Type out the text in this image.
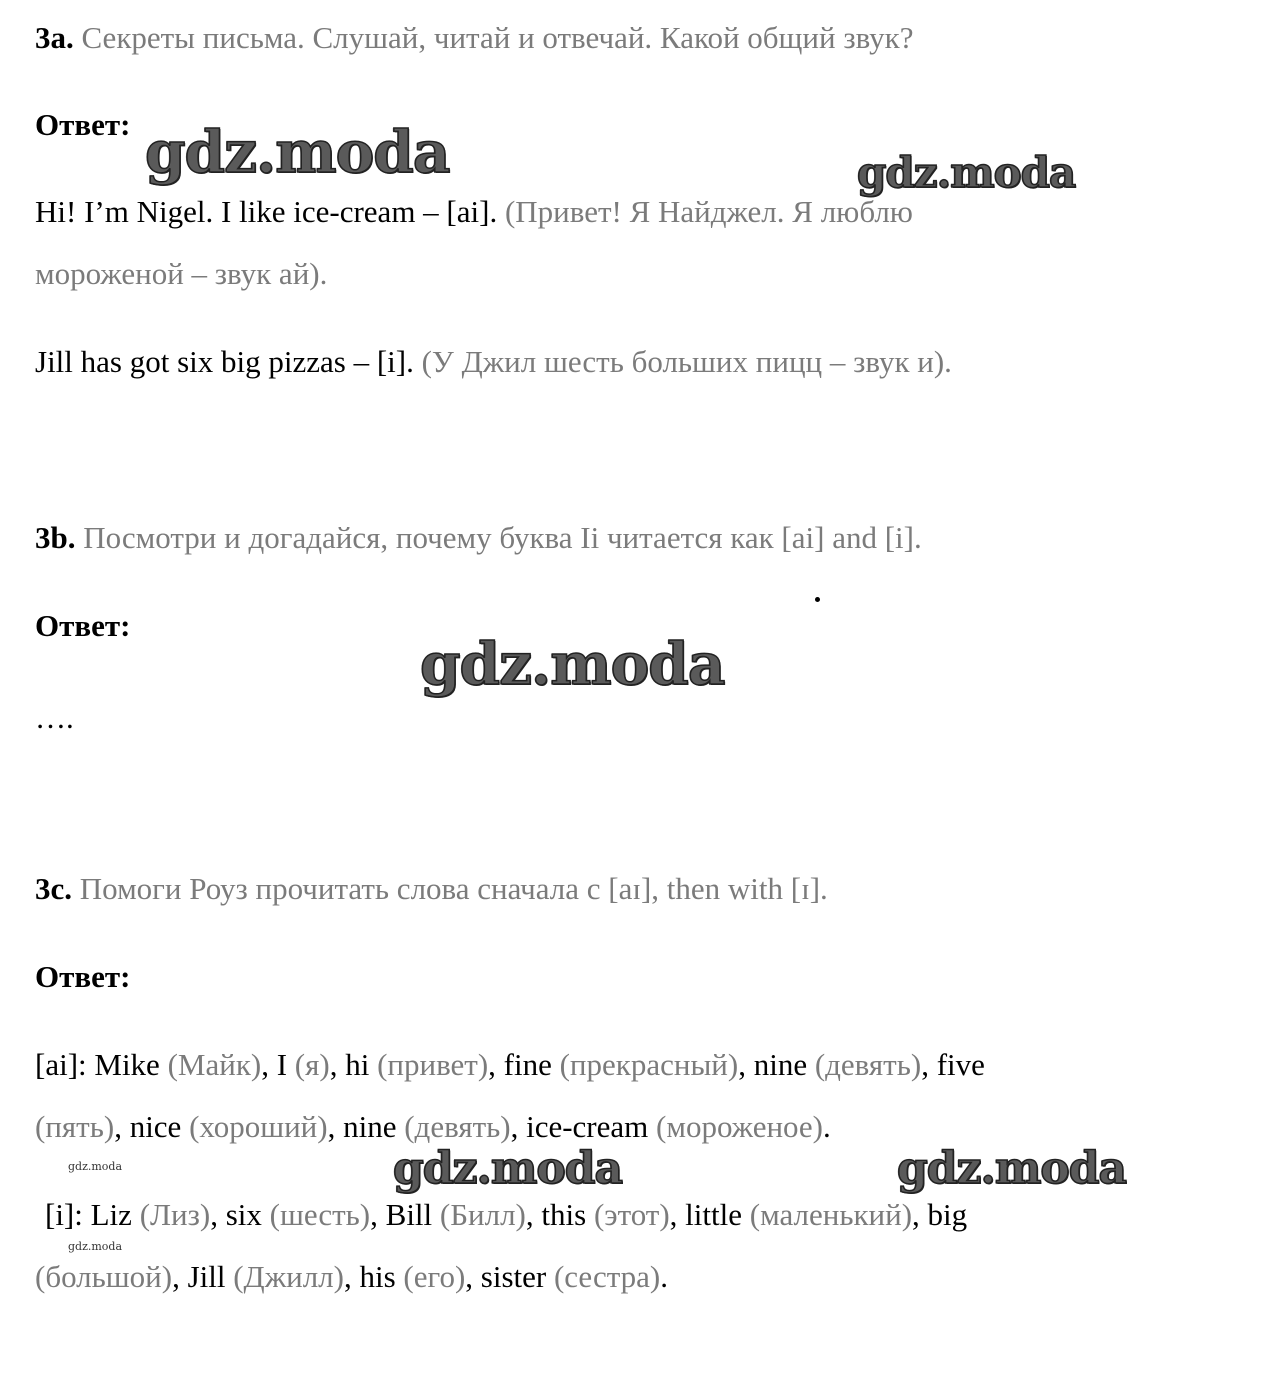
3a. Секреты письма. Слушай, читай и отвечай. Какой общий звук?
Ответ:
Hi! I’m Nigel. I like ice-cream – [ai]. (Привет! Я Найджел. Я люблю
мороженой – звук ай).
Jill has got six big pizzas – [i]. (У Джил шесть больших пицц – звук и).
3b. Посмотри и догадайся, почему буква Ii читается как [ai] and [i].
Ответ:
….
3c. Помоги Роуз прочитать слова сначала с [aɪ], then with [ɪ].
Ответ:
[ai]: Mike (Майк), I (я), hi (привет), fine (прекрасный), nine (девять), five
(пять), nice (хороший), nine (девять), ice-cream (мороженое).
[i]: Liz (Лиз), six (шесть), Bill (Билл), this (этот), little (маленький), big
(большой), Jill (Джилл), his (его), sister (сестра).
gdz.moda	gdz.moda
gdz.moda
gdz.moda	gdz.moda
gdz.moda
gdz.moda
